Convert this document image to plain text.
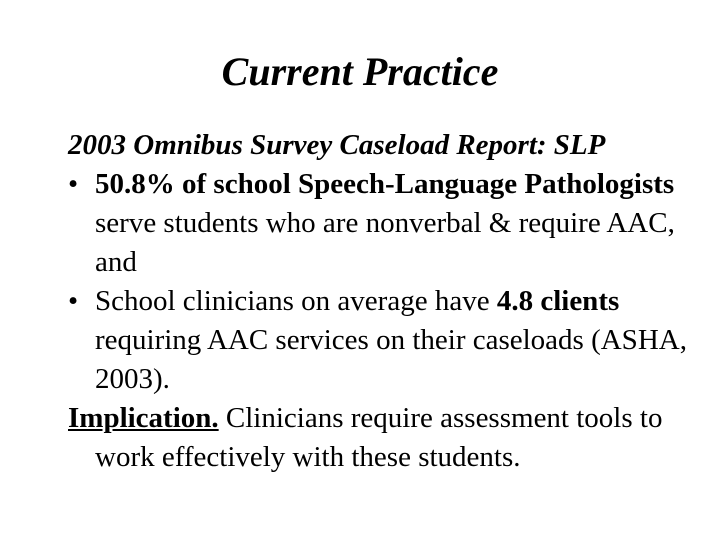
Current Practice
2003 Omnibus Survey Caseload Report: SLP
• 50.8% of school Speech-Language Pathologists serve students who are nonverbal & require AAC, and
• School clinicians on average have 4.8 clients requiring AAC services on their caseloads (ASHA, 2003).
Implication. Clinicians require assessment tools to work effectively with these students.
